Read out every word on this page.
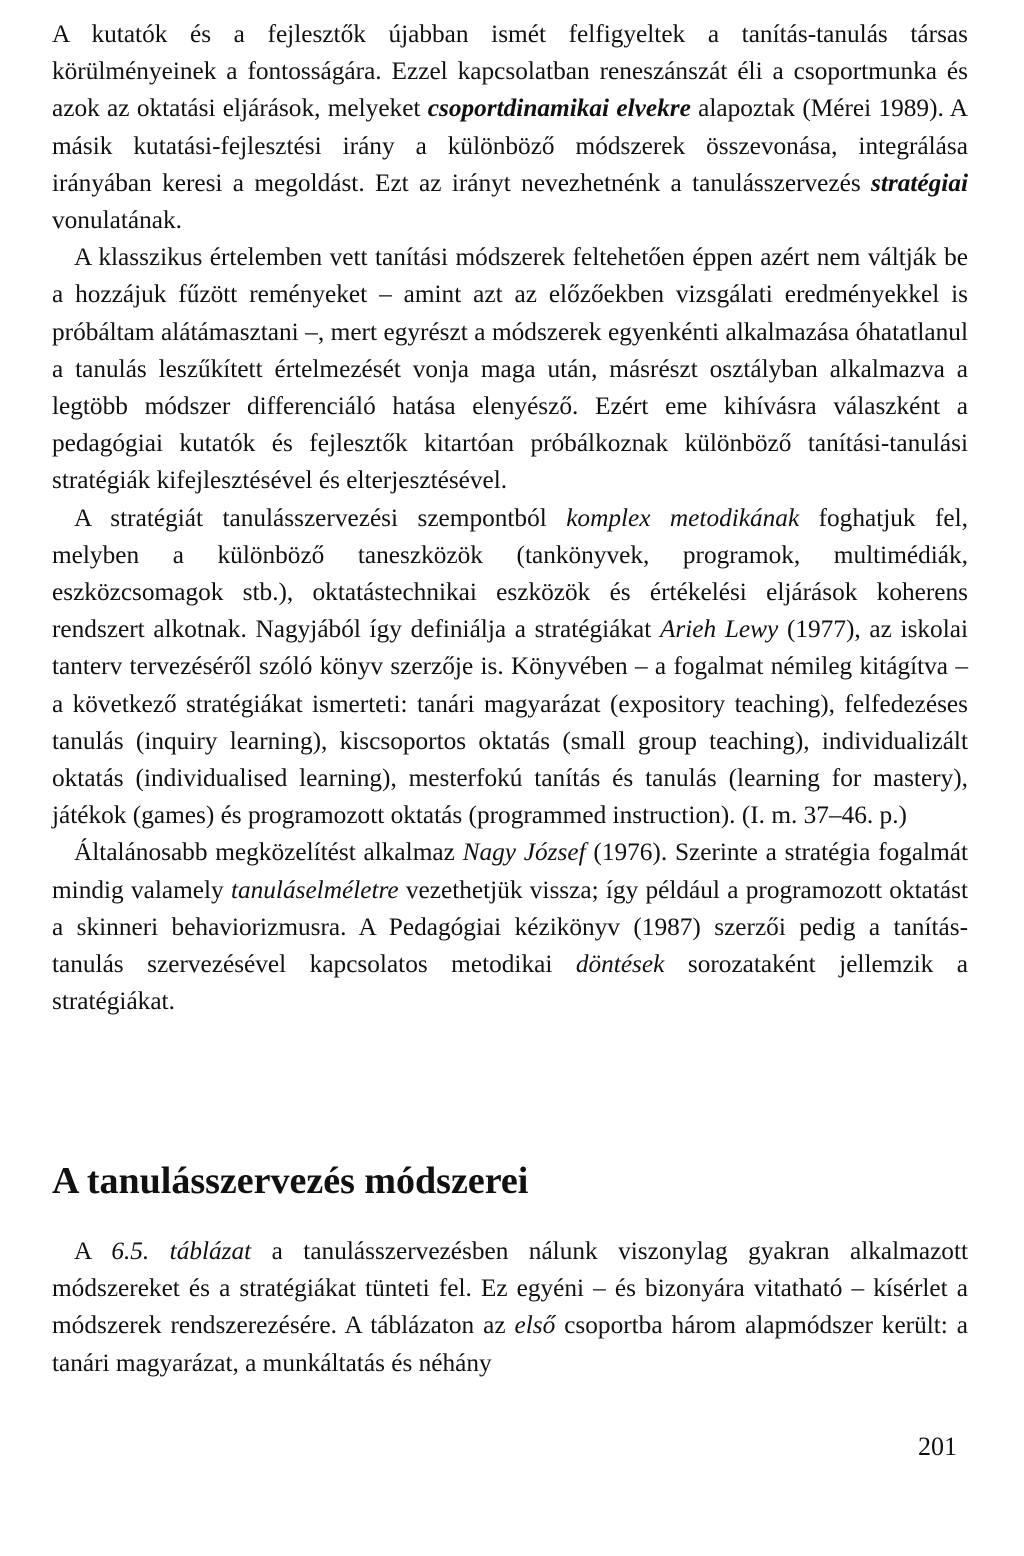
A kutatók és a fejlesztők újabban ismét felfigyeltek a tanítás-tanulás társas körülményeinek a fontosságára. Ezzel kapcsolatban reneszánszát éli a csoportmunka és azok az oktatási eljárások, melyeket csoportdinamikai elvekre alapoztak (Mérei 1989). A másik kutatási-fejlesztési irány a különböző módszerek összevonása, integrálása irányában keresi a megoldást. Ezt az irányt nevezhetnénk a tanulásszervezés stratégiai vonulatának.

A klasszikus értelemben vett tanítási módszerek feltehetően éppen azért nem váltják be a hozzájuk fűzött reményeket – amint azt az előzőekben vizsgálati eredményekkel is próbáltam alátámasztani –, mert egyrészt a módszerek egyenkénti alkalmazása óhatatlanul a tanulás leszűkített értelmezését vonja maga után, másrészt osztályban alkalmazva a legtöbb módszer differenciáló hatása elenyésző. Ezért eme kihívásra válaszként a pedagógiai kutatók és fejlesztők kitartóan próbálkoznak különböző tanítási-tanulási stratégiák kifejlesztésével és elterjesztésével.

A stratégiát tanulásszervezési szempontból komplex metodikának foghatjuk fel, melyben a különböző taneszközök (tankönyvek, programok, multimédiák, eszközcsomagok stb.), oktatástechnikai eszközök és értékelési eljárások koherens rendszert alkotnak. Nagyjából így definiálja a stratégiákat Arieh Lewy (1977), az iskolai tanterv tervezéséről szóló könyv szerzője is. Könyvében – a fogalmat némileg kitágítva – a következő stratégiákat ismerteti: tanári magyarázat (expository teaching), felfedezéses tanulás (inquiry learning), kiscsoportos oktatás (small group teaching), individualizált oktatás (individualised learning), mesterfokú tanítás és tanulás (learning for mastery), játékok (games) és programozott oktatás (programmed instruction). (I. m. 37–46. p.)

Általánosabb megközelítést alkalmaz Nagy József (1976). Szerinte a stratégia fogalmát mindig valamely tanuláselméletre vezethetjük vissza; így például a programozott oktatást a skinneri behaviorizmusra. A Pedagógiai kézikönyv (1987) szerzői pedig a tanítás-tanulás szervezésével kapcsolatos metodikai döntések sorozataként jellemzik a stratégiákat.

A tanulásszervezés módszerei

A 6.5. táblázat a tanulásszervezésben nálunk viszonylag gyakran alkalmazott módszereket és a stratégiákat tünteti fel. Ez egyéni – és bizonyára vitatható – kísérlet a módszerek rendszerezésére. A táblázaton az első csoportba három alapmódszer került: a tanári magyarázat, a munkáltatás és néhány

201
